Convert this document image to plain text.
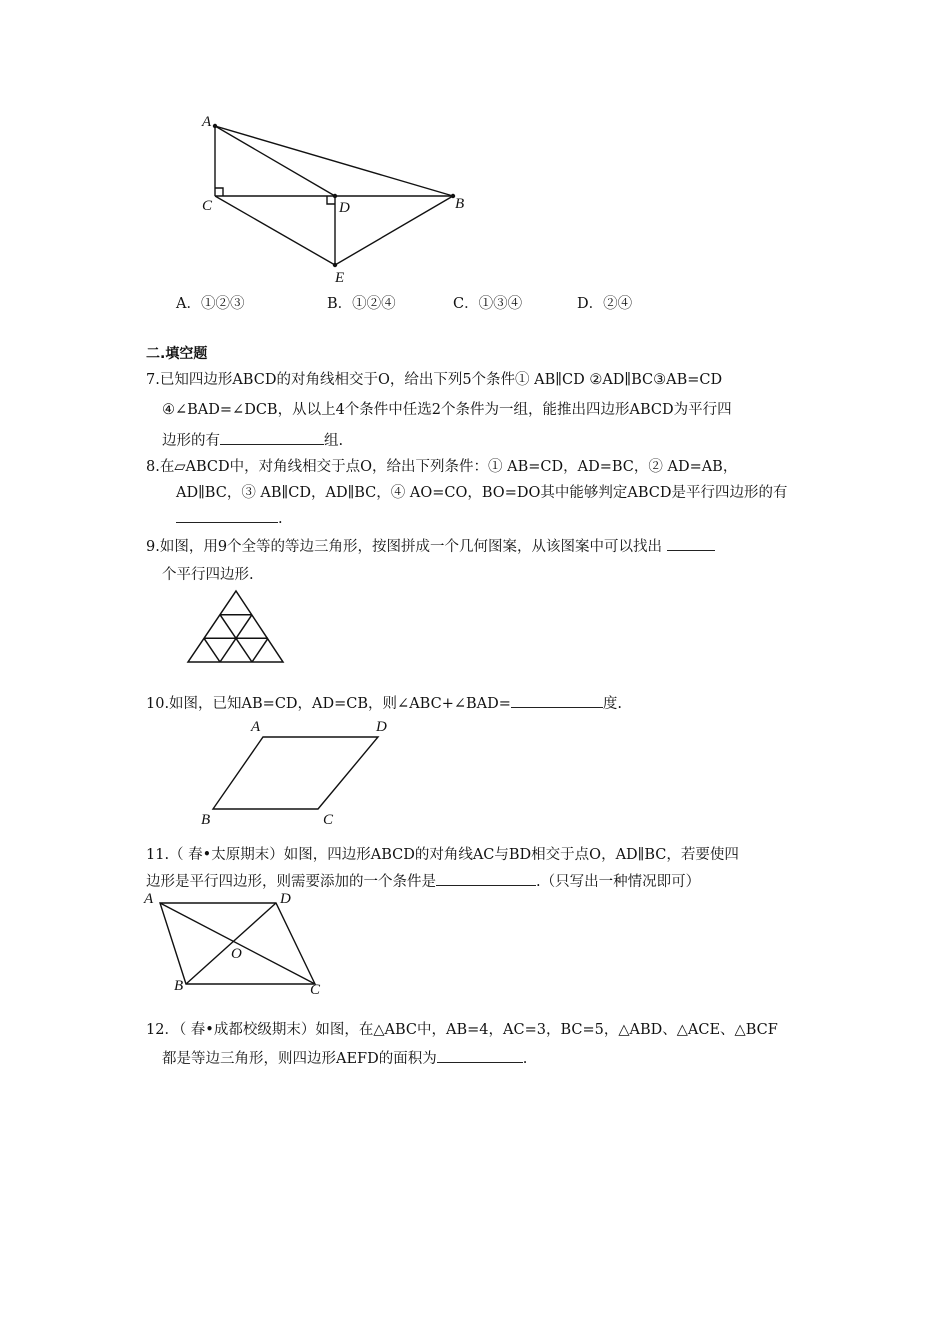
A
C	D	B
E
A．①②③	B．①②④	C．①③④	D．②④
二.填空题
7.已知四边形ABCD的对角线相交于O，给出下列5个条件① AB∥CD ②AD∥BC③AB=CD
④∠BAD=∠DCB，从以上4个条件中任选2个条件为一组，能推出四边形ABCD为平行四
边形的有	组.
8.在▱ABCD中，对角线相交于点O，给出下列条件：① AB=CD，AD=BC，② AD=AB，
AD∥BC，③ AB∥CD，AD∥BC，④ AO=CO，BO=DO其中能够判定ABCD是平行四边形的有
.
9.如图，用9个全等的等边三角形，按图拼成一个几何图案，从该图案中可以找出
个平行四边形.
10.如图，已知AB=CD，AD=CB，则∠ABC+∠BAD=	度.
A	D
B	C
11.（ 春•太原期末）如图，四边形ABCD的对角线AC与BD相交于点O，AD∥BC，若要使四
边形是平行四边形，则需要添加的一个条件是	.（只写出一种情况即可）
A	D
O
B	C
12．（ 春•成都校级期末）如图，在△ABC中，AB=4，AC=3，BC=5，△ABD、△ACE、△BCF
都是等边三角形，则四边形AEFD的面积为	.
